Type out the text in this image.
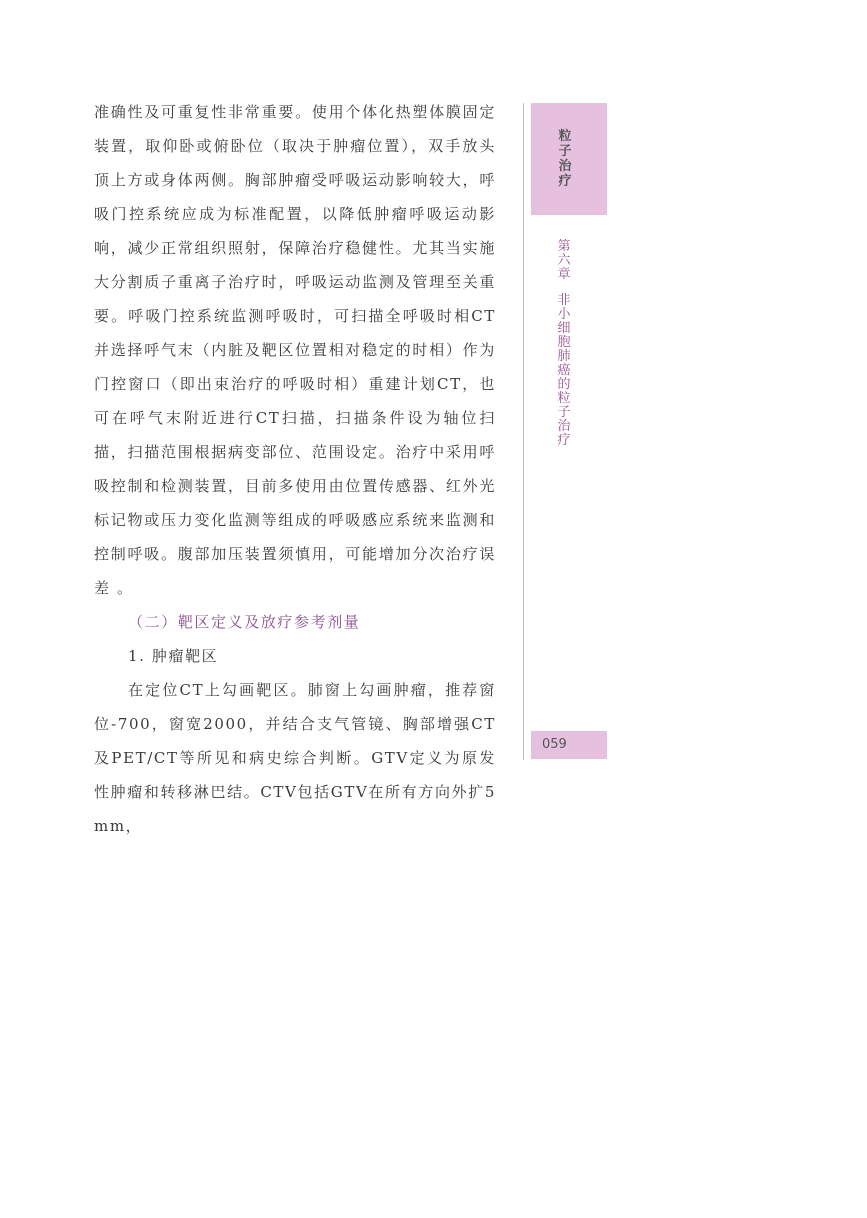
准确性及可重复性非常重要。使用个体化热塑体膜固定装置，取仰卧或俯卧位（取决于肿瘤位置），双手放头顶上方或身体两侧。胸部肿瘤受呼吸运动影响较大，呼吸门控系统应成为标准配置，以降低肿瘤呼吸运动影响，减少正常组织照射，保障治疗稳健性。尤其当实施大分割质子重离子治疗时，呼吸运动监测及管理至关重要。呼吸门控系统监测呼吸时，可扫描全呼吸时相CT并选择呼气末（内脏及靶区位置相对稳定的时相）作为门控窗口（即出束治疗的呼吸时相）重建计划CT，也可在呼气末附近进行CT扫描，扫描条件设为轴位扫描，扫描范围根据病变部位、范围设定。治疗中采用呼吸控制和检测装置，目前多使用由位置传感器、红外光标记物或压力变化监测等组成的呼吸感应系统来监测和控制呼吸。腹部加压装置须慎用，可能增加分次治疗误差 。

（二）靶区定义及放疗参考剂量

1. 肿瘤靶区

在定位CT上勾画靶区。肺窗上勾画肿瘤，推荐窗位-700，窗宽2000，并结合支气管镜、胸部增强CT及PET/CT等所见和病史综合判断。GTV定义为原发性肿瘤和转移淋巴结。CTV包括GTV在所有方向外扩5 mm，

粒子治疗
第六章
非小细胞肺癌的粒子治疗
059
